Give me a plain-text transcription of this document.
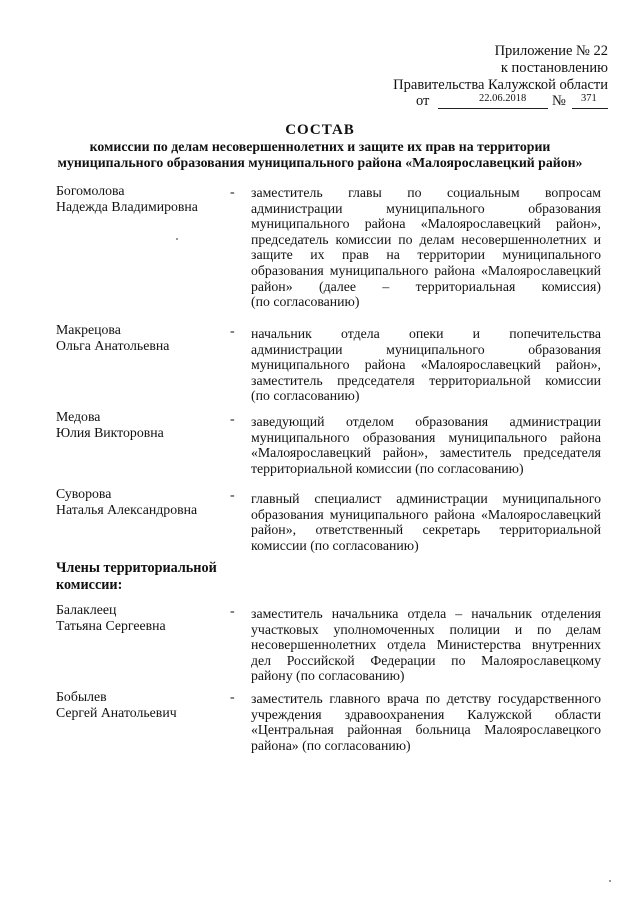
Приложение № 22
к постановлению
Правительства Калужской области
от	22.06.2018 № 371
СОСТАВ
комиссии по делам несовершеннолетних и защите их прав на территории
муниципального образования муниципального района «Малоярославецкий район»
Богомолова
Надежда Владимировна
- заместитель главы по социальным вопросам
администрации муниципального образования
муниципального района «Малоярославецкий район»,
председатель комиссии по делам несовершеннолетних и
защите их прав на территории муниципального
образования муниципального района «Малоярославецкий
район» (далее – территориальная комиссия)
(по согласованию)
Макрецова
Ольга Анатольевна
- начальник отдела опеки и попечительства
администрации муниципального образования
муниципального района «Малоярославецкий район»,
заместитель председателя территориальной комиссии
(по согласованию)
Медова
Юлия Викторовна
- заведующий отделом образования администрации
муниципального образования муниципального района
«Малоярославецкий район», заместитель председателя
территориальной комиссии (по согласованию)
Суворова
Наталья Александровна
- главный специалист администрации муниципального
образования муниципального района «Малоярославецкий
район», ответственный секретарь территориальной
комиссии (по согласованию)
Члены территориальной
комиссии:
Балаклеец
Татьяна Сергеевна
- заместитель начальника отдела – начальник отделения
участковых уполномоченных полиции и по делам
несовершеннолетних отдела Министерства внутренних
дел Российской Федерации по Малоярославецкому
району (по согласованию)
Бобылев
Сергей Анатольевич
- заместитель главного врача по детству государственного
учреждения здравоохранения Калужской области
«Центральная районная больница Малоярославецкого
района» (по согласованию)
